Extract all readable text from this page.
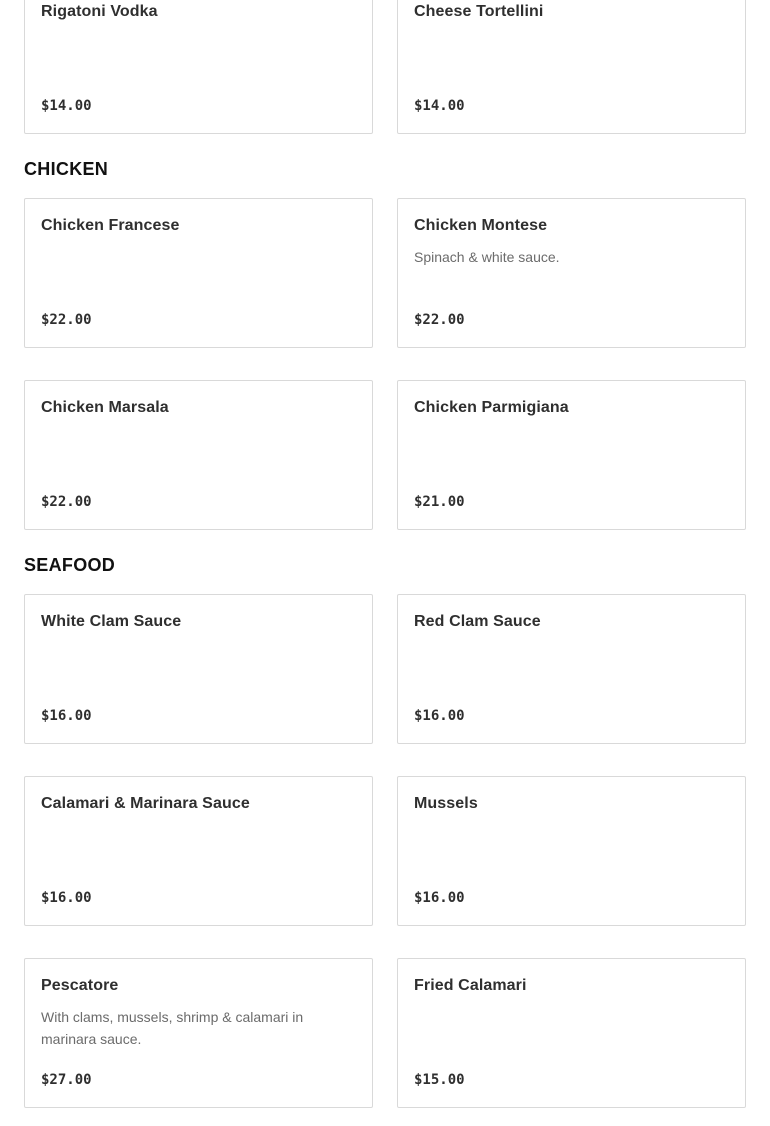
Rigatoni Vodka
$14.00
Cheese Tortellini
$14.00
CHICKEN
Chicken Francese
$22.00
Chicken Montese
Spinach & white sauce.
$22.00
Chicken Marsala
$22.00
Chicken Parmigiana
$21.00
SEAFOOD
White Clam Sauce
$16.00
Red Clam Sauce
$16.00
Calamari & Marinara Sauce
$16.00
Mussels
$16.00
Pescatore
With clams, mussels, shrimp & calamari in marinara sauce.
$27.00
Fried Calamari
$15.00
